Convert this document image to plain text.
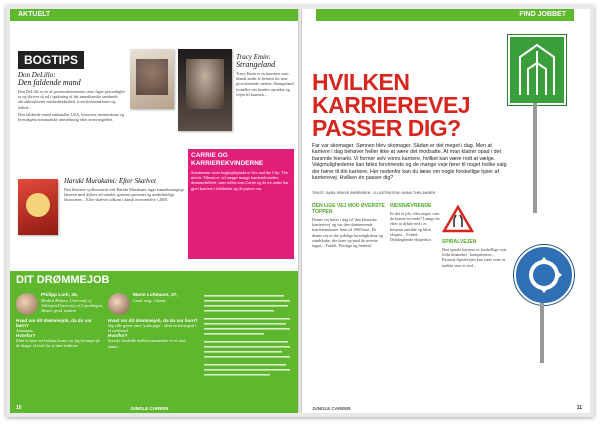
AKTUELT
BOGTIPS
Don DeLillo:
Den faldende mand

Den DeLillo er en af postmodernismens store figur-personlighe-er og skriver så ud i spidsning af det amerikanske samfunds ultraliberaliseret mediedækkethed, (over)informationer og lethed...

Den faldende mand omhandler USA, historien, menneskene og hverdagens traumatiske omvæltning efter terrorangrebet.

Tracy Emin:
Strangeland

Tracy Emin er en kunstner som blandt andet er berømt for sine provokerende værker. Strangeland fortæller om hendes opvækst og vejen til kunsten...

Haruki Murakami: Efter Skælvet

Den litterære sydkoreansk-ved Haruki Murakami tager kamæleonagtigt læseren med dybere ad mindet, gennem personer og underfundigt historierne... Efter skælvet udkom i dansk oversættelse i 2005.

CARRIE OG KARRIEREKVINDERNE
Sommerens store boghøjdepunkt er Sex and the City: The movie. Filmen er vel næppe mange karrierekvinders drømmebillede, men rollen som Carrie og de tre andre har gjort karriere i tidsånden og de prøver om.
DIT DRØMMEJOB
Philipp Lurk, 26,
Modern History, University of Tübingen/University of Copenhagen, Master grad. student
Hvad var dit drømmejob, da du var barn?
Astronaut.
Hvorfor?
Efter at have set Indiana Jones var jeg bevæget på de drager af rend for at lære ridderne.
Marie Lohmann, 27,
Cand. mag. i dansk
Hvad var dit drømmejob, da du var barn?
Jeg ville gerne være 'yoha-pige' - altså en koreograf i et rockband.
Hvorfor?
Sociale forskelle mellem mennesker er et stort emne...
10	JUNGLE CAREER
FIND JOBBET
HVILKEN KARRIEREVEJ PASSER DIG?
Far var skomager. Sønnen blev skomager. Sådan er det meget i dag. Men at karriere i dag behøver heller ikke at være det modsatte. At man klatrer opad i det barsmile hierarki. Vi former selv vores karriere, hvilket kan være rodt at vælge. Valgmulighederne kan føles forvirrende og de mange veje fører til noget hvilke valg der hører til din karriere. Her nedenfor kan du læse om nogle forskellige typer af karrierevej. Hvilken én passer dig?
TEKST: SARA GRAVE SØRENSEN · ILLUSTRATION: ANNA THELANDER
DEN LIGE VEJ MOD ØVERSTE TOPPEN
Denne vej hører i dag til 'den klassiske karrierevej' og var den dominerende karrieremønster frem til 1960'erne. På denne vej er det tydelige hovedgårdene og vandskabe, der fører op mod de øverste toppe... Fordel: Prestige og fremtid.
INDSNÆVRENDE
Er det ét job, eller noget, som du kunne bo-ende? Længe du efter at dykke ned i et bestemt område og blive ekspert... Fordel: Dybdegående ekspertise.	SPIRALVEJEN
Den spirale karriere er forskellige veje forbi hinanden - kompetencer... Pastorat Spiralvejen kan være svær at trække sine et sted...
JUNGLE CAREER	11
